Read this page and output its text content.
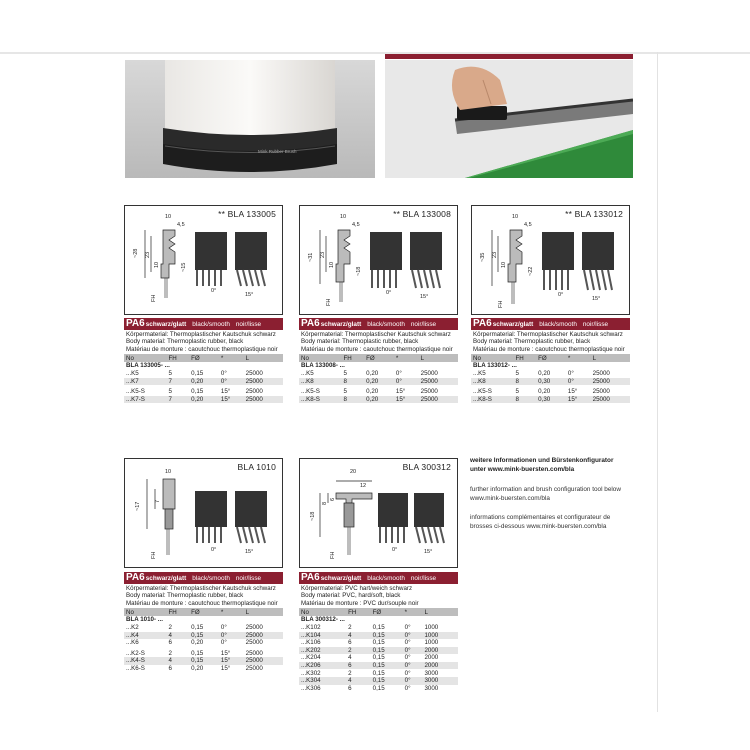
Mink Rubber Brush
** BLA 133005
10
4,5
~28 23
10	~15
FH
0°
15°
** BLA 133008
10
4,5
~31 23
10
~18
FH
0°
15°
** BLA 133012
10
4,5
~35 23
10
~22
FH
0°
15°
BLA 1010
10
~17
7
FH
0°	15°
BLA 300312
20
12
~18
8
6
FH
0°	15°
PA6 schwarz/glatt black/smooth noir/lisse
Körpermaterial: Thermoplastischer Kautschuk schwarz
Body material: Thermoplastic rubber, black
Matériau de monture : caoutchouc thermoplastique noir
No	FH	FØ	*	L
BLA 133005- ...				
...K5	5	0,15	0°	25000
...K7	7	0,20	0°	25000

...K5-S	5	0,15	15°	25000
...K7-S	7	0,20	15°	25000
PA6 schwarz/glatt black/smooth noir/lisse
Körpermaterial: Thermoplastischer Kautschuk schwarz
Body material: Thermoplastic rubber, black
Matériau de monture : caoutchouc thermoplastique noir
No	FH	FØ	*	L
BLA 133008- ...				
...K5	5	0,20	0°	25000
...K8	8	0,20	0°	25000

...K5-S	5	0,20	15°	25000
...K8-S	8	0,20	15°	25000
PA6 schwarz/glatt black/smooth noir/lisse
Körpermaterial: Thermoplastischer Kautschuk schwarz
Body material: Thermoplastic rubber, black
Matériau de monture : caoutchouc thermoplastique noir
No	FH	FØ	*	L
BLA 133012- ...				
...K5	5	0,20	0°	25000
...K8	8	0,30	0°	25000

...K5-S	5	0,20	15°	25000
...K8-S	8	0,30	15°	25000
PA6 schwarz/glatt black/smooth noir/lisse
Körpermaterial: Thermoplastischer Kautschuk schwarz
Body material: Thermoplastic rubber, black
Matériau de monture : caoutchouc thermoplastique noir
No	FH	FØ	*	L
BLA 1010- ...				
...K2	2	0,15	0°	25000
...K4	4	0,15	0°	25000
...K6	6	0,20	0°	25000

...K2-S	2	0,15	15°	25000
...K4-S	4	0,15	15°	25000
...K6-S	6	0,20	15°	25000
PA6 schwarz/glatt black/smooth noir/lisse
Körpermaterial: PVC hart/weich schwarz
Body material: PVC, hard/soft, black
Matériau de monture : PVC dur/souple noir
No	FH	FØ	*	L
BLA 300312- ...				
...K102	2	0,15	0°	1000
...K104	4	0,15	0°	1000
...K106	6	0,15	0°	1000
...K202	2	0,15	0°	2000
...K204	4	0,15	0°	2000
...K206	6	0,15	0°	2000
...K302	2	0,15	0°	3000
...K304	4	0,15	0°	3000
...K306	6	0,15	0°	3000
weitere Informationen und Bürstenkonfigurator
unter www.mink-buersten.com/bla
further information and brush configuration tool below
www.mink-buersten.com/bla
informations complémentaires et configurateur de
brosses ci-dessous www.mink-buersten.com/bla
